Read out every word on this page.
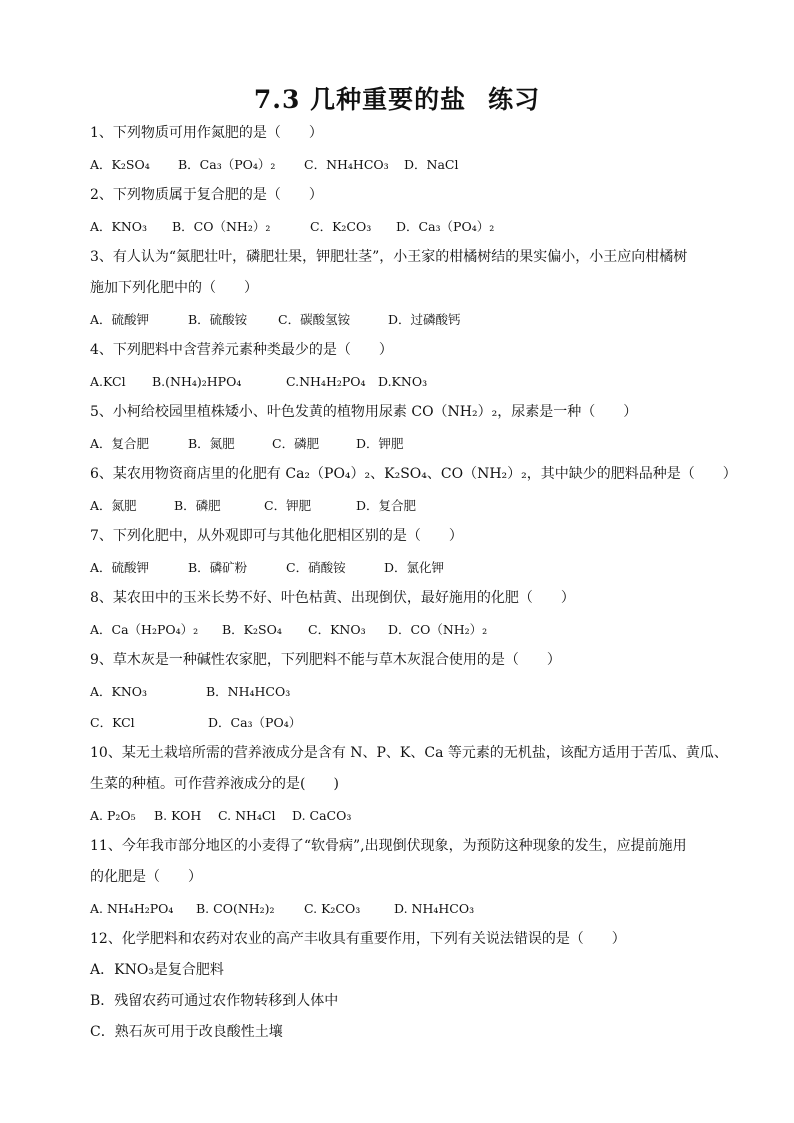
7.3 几种重要的盐 练习
1、下列物质可用作氮肥的是（　　）
A．K₂SO₄ B．Ca₃（PO₄）₂ C．NH₄HCO₃ D．NaCl
2、下列物质属于复合肥的是（　　）
A．KNO₃ B．CO（NH₂）₂	C．K₂CO₃ D．Ca₃（PO₄）₂
3、有人认为“氮肥壮叶，磷肥壮果，钾肥壮茎”，小王家的柑橘树结的果实偏小，小王应向柑橘树
施加下列化肥中的（　　）
A．硫酸钾	B．硫酸铵 C．碳酸氢铵	D．过磷酸钙
4、下列肥料中含营养元素种类最少的是（　　）
A.KCl B.(NH₄)₂HPO₄	C.NH₄H₂PO₄ D.KNO₃
5、小柯给校园里植株矮小、叶色发黄的植物用尿素 CO（NH₂）₂，尿素是一种（　　）
A．复合肥	B．氮肥	C．磷肥	D．钾肥
6、某农用物资商店里的化肥有 Ca₂（PO₄）₂、K₂SO₄、CO（NH₂）₂，其中缺少的肥料品种是（　　）
A．氮肥	B．磷肥	C．钾肥	D．复合肥
7、下列化肥中，从外观即可与其他化肥相区别的是（　　）
A．硫酸钾	B．磷矿粉	C．硝酸铵	D．氯化钾
8、某农田中的玉米长势不好、叶色枯黄、出现倒伏，最好施用的化肥（　　）
A．Ca（H₂PO₄）₂ B．K₂SO₄ C．KNO₃ D．CO（NH₂）₂
9、草木灰是一种碱性农家肥，下列肥料不能与草木灰混合使用的是（　　）
A．KNO₃	B．NH₄HCO₃
C．KCl	D．Ca₃（PO₄）
10、某无土栽培所需的营养液成分是含有 N、P、K、Ca 等元素的无机盐，该配方适用于苦瓜、黄瓜、
生菜的种植。可作营养液成分的是(　　)
A. P₂O₅ B. KOH C. NH₄Cl D. CaCO₃
11、今年我市部分地区的小麦得了“软骨病”,出现倒伏现象，为预防这种现象的发生，应提前施用
的化肥是（　　）
A. NH₄H₂PO₄ B. CO(NH₂)₂ C. K₂CO₃	D. NH₄HCO₃
12、化学肥料和农药对农业的高产丰收具有重要作用，下列有关说法错误的是（　　）
A．KNO₃是复合肥料
B．残留农药可通过农作物转移到人体中
C．熟石灰可用于改良酸性土壤
